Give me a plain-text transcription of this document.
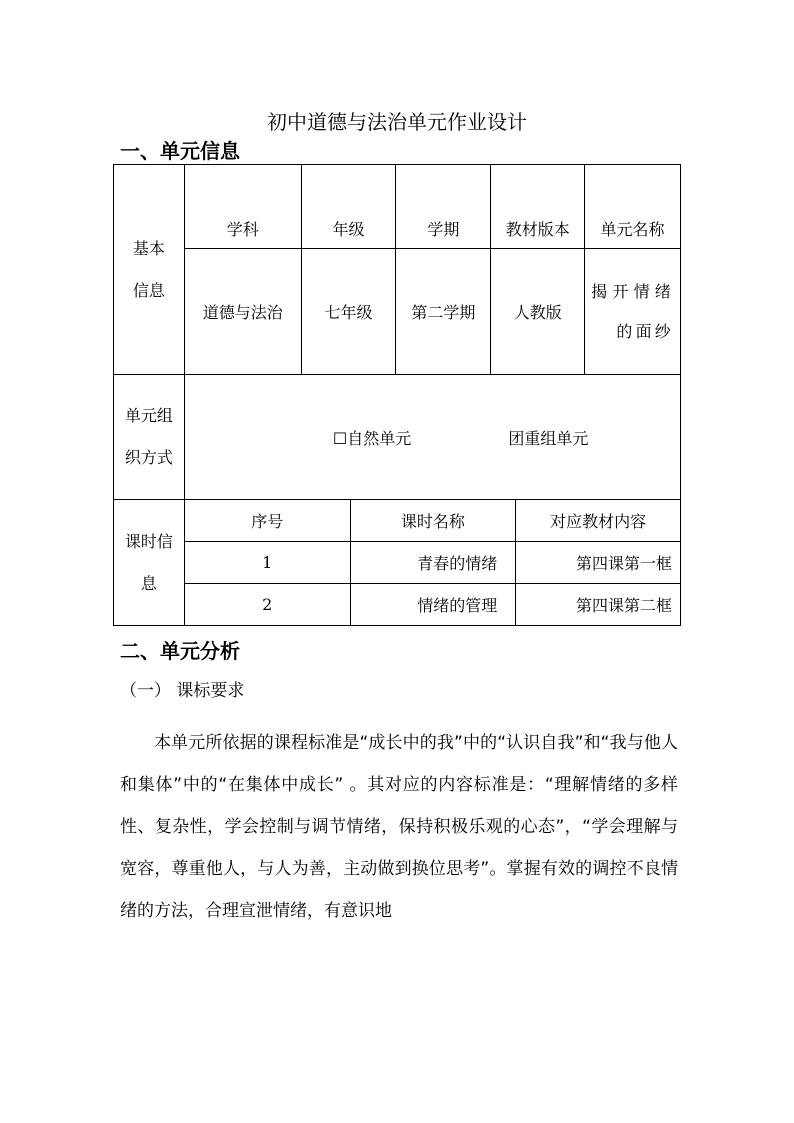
初中道德与法治单元作业设计
一、单元信息
基本
信息	学科	年级	学期	教材版本	单元名称
	道德与法治	七年级	第二学期	人教版	揭开情绪的面纱

单元组
织方式	☐自然单元 团重组单元				
课时信
息	序号	课时名称	对应教材内容
	1	青春的情绪	第四课第一框
	2	情绪的管理	第四课第二框
二、单元分析
（一） 课标要求
本单元所依据的课程标准是“成长中的我”中的“认识自我”和“我与他人和集体”中的“在集体中成长” 。其对应的内容标准是：“理解情绪的多样性、复杂性，学会控制与调节情绪，保持积极乐观的心态”，“学会理解与宽容，尊重他人，与人为善，主动做到换位思考”。掌握有效的调控不良情绪的方法，合理宣泄情绪，有意识地
